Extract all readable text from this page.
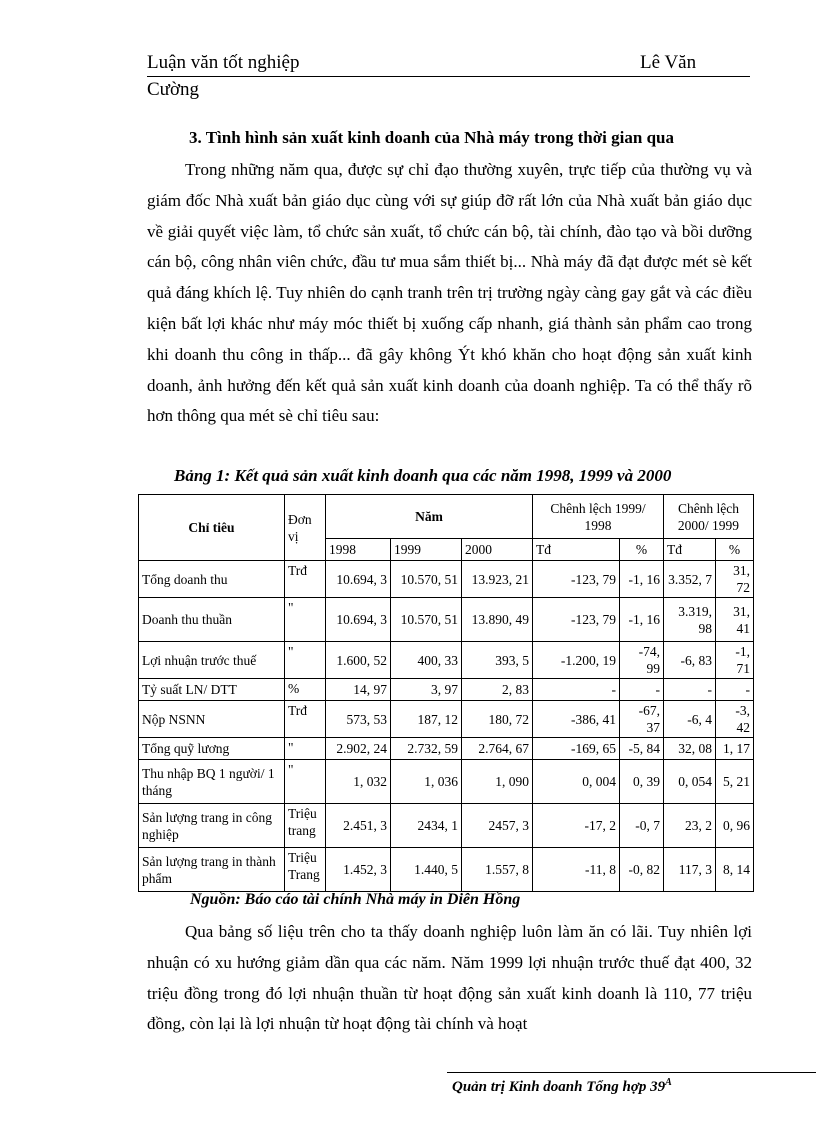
Luận văn tốt nghiệp	Lê Văn
Cường
3. Tình hình sản xuất kinh doanh của Nhà máy trong thời gian qua
Trong những năm qua, được sự chỉ đạo thường xuyên, trực tiếp của thường vụ và giám đốc Nhà xuất bản giáo dục cùng với sự giúp đỡ rất lớn của Nhà xuất bản giáo dục về giải quyết việc làm, tổ chức sản xuất, tổ chức cán bộ, tài chính, đào tạo và bồi dưỡng cán bộ, công nhân viên chức, đầu tư mua sắm thiết bị... Nhà máy đã đạt được mét sè kết quả đáng khích lệ. Tuy nhiên do cạnh tranh trên trị trường ngày càng gay gắt và các điều kiện bất lợi khác như máy móc thiết bị xuống cấp nhanh, giá thành sản phẩm cao trong khi doanh thu công in thấp... đã gây không Ýt khó khăn cho hoạt động sản xuất kinh doanh, ảnh hưởng đến kết quả sản xuất kinh doanh của doanh nghiệp. Ta có thể thấy rõ hơn thông qua mét sè chỉ tiêu sau:
Bảng 1: Kết quả sản xuất kinh doanh qua các năm 1998, 1999 và 2000
Chỉ tiêu	Đơn vị	Năm			Chênh lệch 1999/ 1998		Chênh lệch 2000/ 1999	
		1998	1999	2000	Tđ	%	Tđ	%
Tổng doanh thu	Trđ	10.694, 3	10.570, 51	13.923, 21	-123, 79	-1, 16	3.352, 7	31, 72
Doanh thu thuần	"	10.694, 3	10.570, 51	13.890, 49	-123, 79	-1, 16	3.319, 98	31, 41
Lợi nhuận trước thuế	"	1.600, 52	400, 33	393, 5	-1.200, 19	-74, 99	-6, 83	-1, 71
Tỷ suất LN/ DTT	%	14, 97	3, 97	2, 83	-	-	-	-
Nộp NSNN	Trđ	573, 53	187, 12	180, 72	-386, 41	-67, 37	-6, 4	-3, 42
Tổng quỹ lương	"	2.902, 24	2.732, 59	2.764, 67	-169, 65	-5, 84	32, 08	1, 17
Thu nhập BQ 1 người/ 1 tháng	"	1, 032	1, 036	1, 090	0, 004	0, 39	0, 054	5, 21
Sản lượng trang in công nghiệp	Triệu trang	2.451, 3	2434, 1	2457, 3	-17, 2	-0, 7	23, 2	0, 96
Sản lượng trang in thành phẩm	Triệu Trang	1.452, 3	1.440, 5	1.557, 8	-11, 8	-0, 82	117, 3	8, 14
Nguồn: Báo cáo tài chính Nhà máy in Diên Hồng
Qua bảng số liệu trên cho ta thấy doanh nghiệp luôn làm ăn có lãi. Tuy nhiên lợi nhuận có xu hướng giảm dần qua các năm. Năm 1999 lợi nhuận trước thuế đạt 400, 32 triệu đồng trong đó lợi nhuận thuần từ hoạt động sản xuất kinh doanh là 110, 77 triệu đồng, còn lại là lợi nhuận từ hoạt động tài chính và hoạt
Quản trị Kinh doanh Tổng hợp $39^A$
